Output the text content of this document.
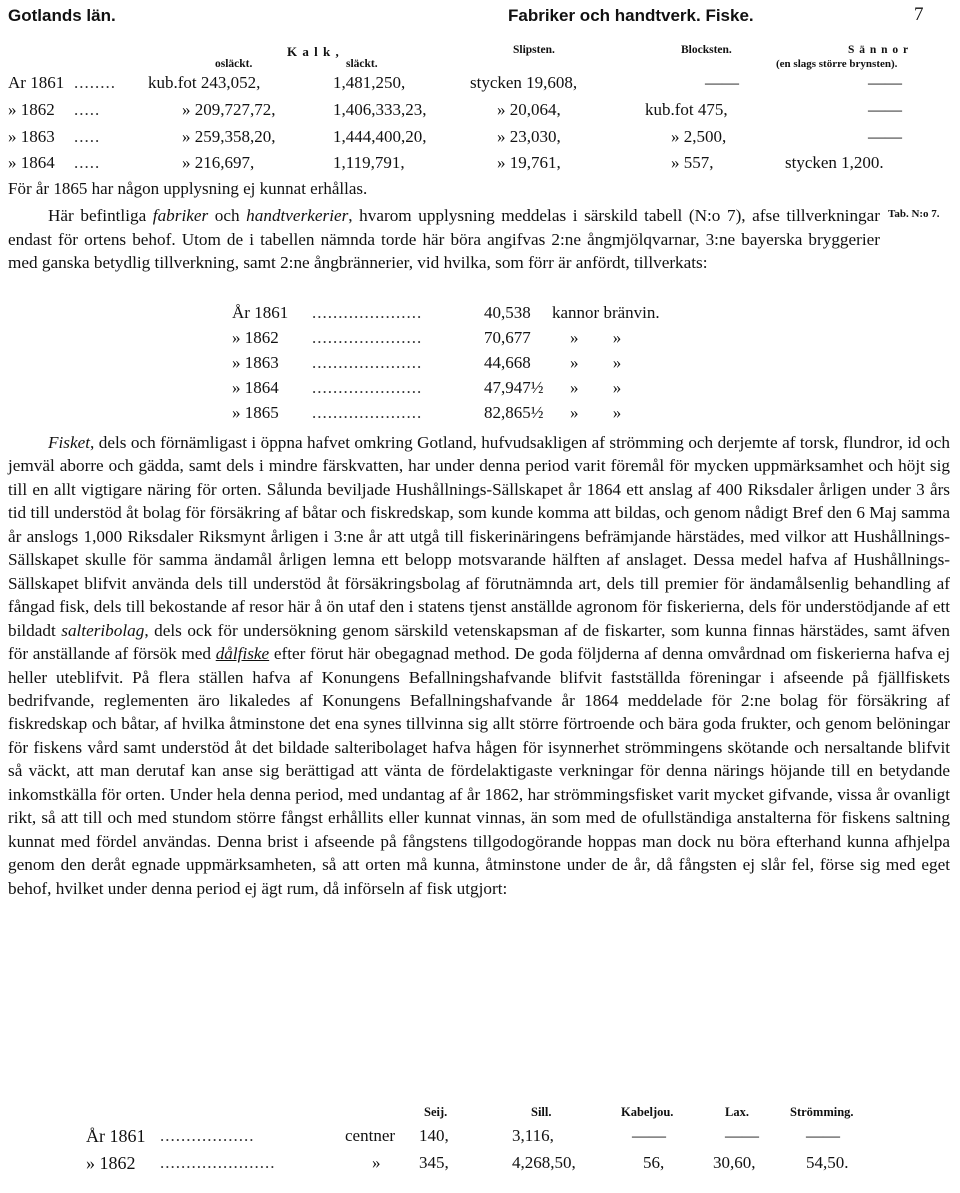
Gotlands län.	Fabriker och handtverk. Fiske.	7
K a l k ,
osläckt.	släckt.
Slipsten.	Blocksten.	S ä n n o r
(en slags större brynsten).
Ar 1861 ........ kub.fot 243,052,	1,481,250,	stycken 19,608,	——	——
» 1862 .....	» 209,727,72,	1,406,333,23,	» 20,064,	kub.fot 475,	——
» 1863 .....	» 259,358,20,	1,444,400,20,	» 23,030,	» 2,500,	——
» 1864 .....	» 216,697,	1,119,791,	» 19,761,	» 557,	stycken 1,200.
För år 1865 har någon upplysning ej kunnat erhållas.
Tab. N:o 7.

Här befintliga fabriker och handtverkerier, hvarom upplysning meddelas i särskild tabell (N:o 7), afse tillverkningar endast för ortens behof. Utom de i tabellen nämnda torde här böra angifvas 2:ne ångmjölqvarnar, 3:ne bayerska bryggerier med ganska betydlig tillverkning, samt 2:ne ångbrännerier, vid hvilka, som förr är anfördt, tillverkats:

År 1861 .....................	40,538 kannor bränvin.
» 1862 .....................	70,677 » »
» 1863 .....................	44,668 » »
» 1864 .....................	47,947½ » »
» 1865 .....................	82,865½ » »

Fisket, dels och förnämligast i öppna hafvet omkring Gotland, hufvudsakligen af strömming och derjemte af torsk, flundror, id och jemväl aborre och gädda, samt dels i mindre färskvatten, har under denna period varit föremål för mycken uppmärksamhet och höjt sig till en allt vigtigare näring för orten. Sålunda beviljade Hushållnings-Sällskapet år 1864 ett anslag af 400 Riksdaler årligen under 3 års tid till understöd åt bolag för försäkring af båtar och fiskredskap, som kunde komma att bildas, och genom nådigt Bref den 6 Maj samma år anslogs 1,000 Riksdaler Riksmynt årligen i 3:ne år att utgå till fiskerinäringens befrämjande härstädes, med vilkor att Hushållnings-Sällskapet skulle för samma ändamål årligen lemna ett belopp motsvarande hälften af anslaget. Dessa medel hafva af Hushållnings-Sällskapet blifvit använda dels till understöd åt försäkringsbolag af förutnämnda art, dels till premier för ändamålsenlig behandling af fångad fisk, dels till bekostande af resor här å ön utaf den i statens tjenst anställde agronom för fiskerierna, dels för understödjande af ett bildadt salteribolag, dels ock för undersökning genom särskild vetenskapsman af de fiskarter, som kunna finnas härstädes, samt äfven för anställande af försök med dålfiske efter förut här obegagnad method. De goda följderna af denna omvårdnad om fiskerierna hafva ej heller uteblifvit. På flera ställen hafva af Konungens Befallningshafvande blifvit fastställda föreningar i afseende på fjällfiskets bedrifvande, reglementen äro likaledes af Konungens Befallningshafvande år 1864 meddelade för 2:ne bolag för försäkring af fiskredskap och båtar, af hvilka åtminstone det ena synes tillvinna sig allt större förtroende och bära goda frukter, och genom belöningar för fiskens vård samt understöd åt det bildade salteribolaget hafva hågen för isynnerhet strömmingens skötande och nersaltande blifvit så väckt, att man derutaf kan anse sig berättigad att vänta de fördelaktigaste verkningar för denna närings höjande till en betydande inkomstkälla för orten. Under hela denna period, med undantag af år 1862, har strömmingsfisket varit mycket gifvande, vissa år ovanligt rikt, så att till och med stundom större fångst erhållits eller kunnat vinnas, än som med de ofullständiga anstalterna för fiskens saltning kunnat med fördel användas. Denna brist i afseende på fångstens tillgodogörande hoppas man dock nu böra efterhand kunna afhjelpa genom den deråt egnade uppmärksamheten, så att orten må kunna, åtminstone under de år, då fångsten ej slår fel, förse sig med eget behof, hvilket under denna period ej ägt rum, då införseln af fisk utgjort:

Seij.	Sill.	Kabeljou.	Lax.	Strömming.
År 1861 ..................	centner 140,	3,116,	——	——	——
» 1862 ......................	» 345,	4,268,50,	56,	30,60,	54,50.
